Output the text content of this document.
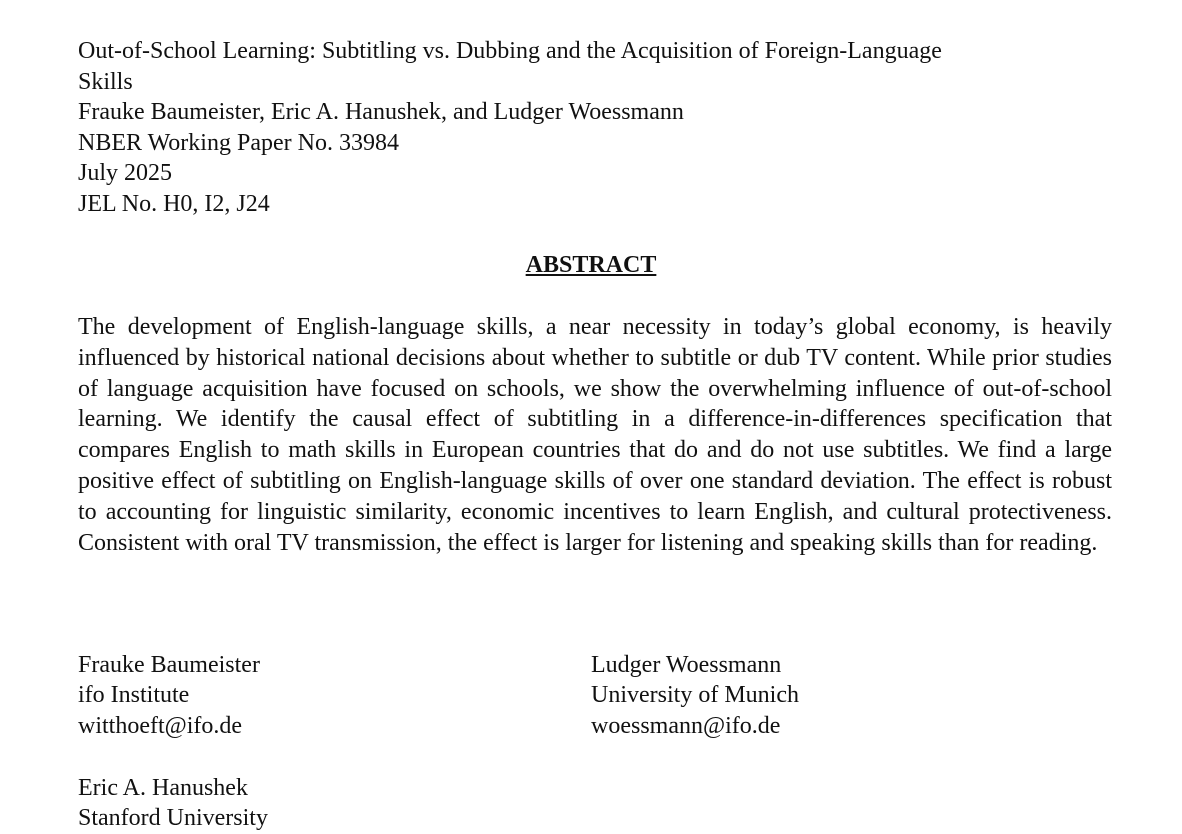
Out-of-School Learning: Subtitling vs. Dubbing and the Acquisition of Foreign-Language
Skills
Frauke Baumeister, Eric A. Hanushek, and Ludger Woessmann
NBER Working Paper No. 33984
July 2025
JEL No. H0, I2, J24
ABSTRACT
The development of English-language skills, a near necessity in today’s global economy, is heavily influenced by historical national decisions about whether to subtitle or dub TV content. While prior studies of language acquisition have focused on schools, we show the overwhelming influence of out-of-school learning. We identify the causal effect of subtitling in a difference-in-differences specification that compares English to math skills in European countries that do and do not use subtitles. We find a large positive effect of subtitling on English-language skills of over one standard deviation. The effect is robust to accounting for linguistic similarity, economic incentives to learn English, and cultural protectiveness. Consistent with oral TV transmission, the effect is larger for listening and speaking skills than for reading.
Frauke Baumeister
ifo Institute
witthoeft@ifo.de
Ludger Woessmann
University of Munich
woessmann@ifo.de
Eric A. Hanushek
Stanford University
